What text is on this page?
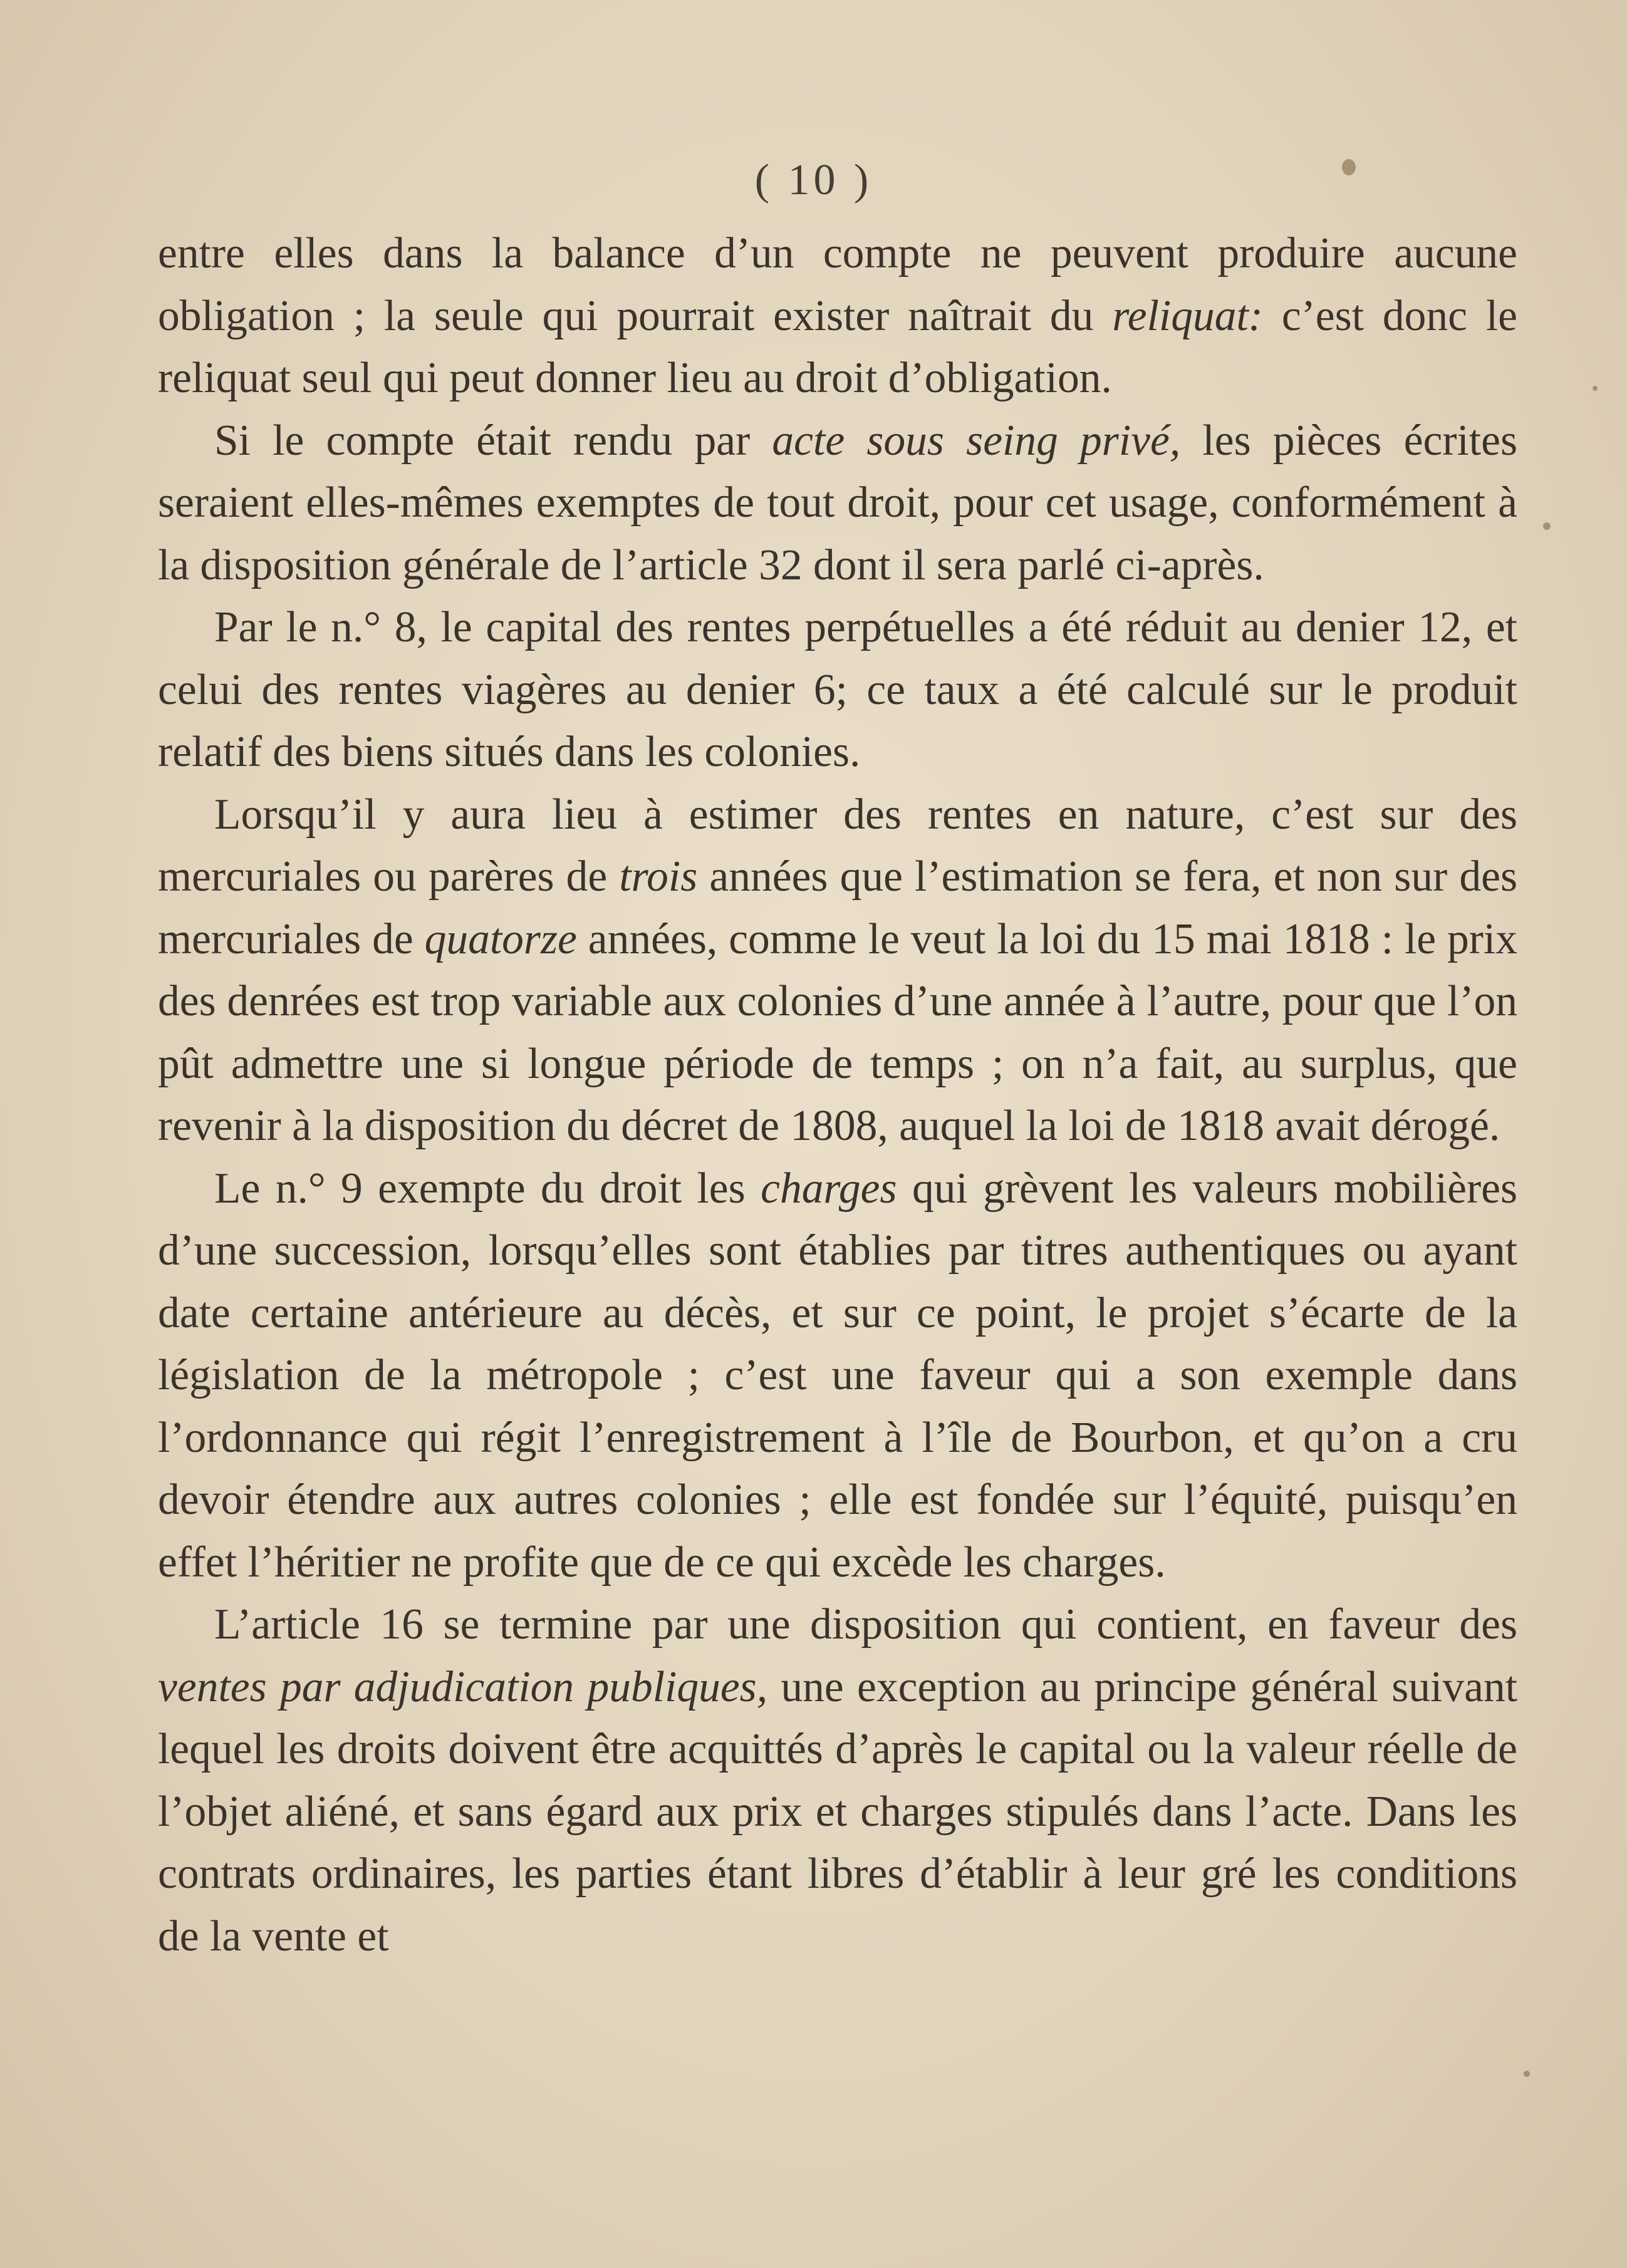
( 10 )

entre elles dans la balance d’un compte ne peuvent produire aucune obligation ; la seule qui pourrait exister naîtrait du reliquat: c’est donc le reliquat seul qui peut donner lieu au droit d’obligation.

Si le compte était rendu par acte sous seing privé, les pièces écrites seraient elles-mêmes exemptes de tout droit, pour cet usage, conformément à la disposition générale de l’article 32 dont il sera parlé ci-après.

Par le n.° 8, le capital des rentes perpétuelles a été réduit au denier 12, et celui des rentes viagères au denier 6; ce taux a été calculé sur le produit relatif des biens situés dans les colonies.

Lorsqu’il y aura lieu à estimer des rentes en nature, c’est sur des mercuriales ou parères de trois années que l’estimation se fera, et non sur des mercuriales de quatorze années, comme le veut la loi du 15 mai 1818 : le prix des denrées est trop variable aux colonies d’une année à l’autre, pour que l’on pût admettre une si longue période de temps ; on n’a fait, au surplus, que revenir à la disposition du décret de 1808, auquel la loi de 1818 avait dérogé.

Le n.° 9 exempte du droit les charges qui grèvent les valeurs mobilières d’une succession, lorsqu’elles sont établies par titres authentiques ou ayant date certaine antérieure au décès, et sur ce point, le projet s’écarte de la législation de la métropole ; c’est une faveur qui a son exemple dans l’ordonnance qui régit l’enregistrement à l’île de Bourbon, et qu’on a cru devoir étendre aux autres colonies ; elle est fondée sur l’équité, puisqu’en effet l’héritier ne profite que de ce qui excède les charges.

L’article 16 se termine par une disposition qui contient, en faveur des ventes par adjudication publiques, une exception au principe général suivant lequel les droits doivent être acquittés d’après le capital ou la valeur réelle de l’objet aliéné, et sans égard aux prix et charges stipulés dans l’acte. Dans les contrats ordinaires, les parties étant libres d’établir à leur gré les conditions de la vente et
